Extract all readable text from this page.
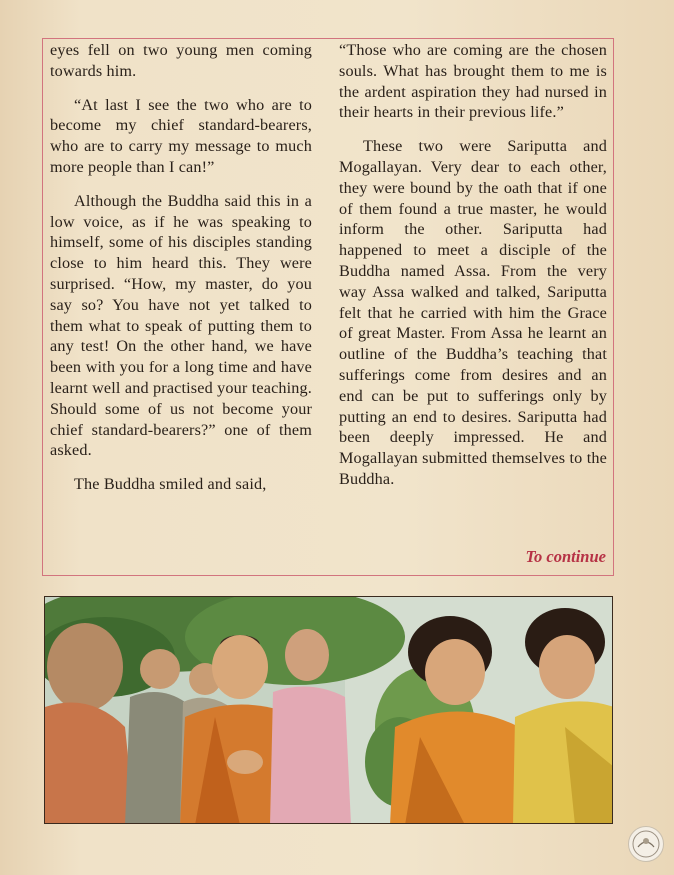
eyes fell on two young men coming towards him.

“At last I see the two who are to become my chief standard-bearers, who are to carry my message to much more people than I can!”

Although the Buddha said this in a low voice, as if he was speaking to himself, some of his disciples standing close to him heard this. They were surprised. “How, my master, do you say so? You have not yet talked to them what to speak of putting them to any test! On the other hand, we have been with you for a long time and have learnt well and practised your teaching. Should some of us not become your chief standard-bearers?” one of them asked.

The Buddha smiled and said,

“Those who are coming are the chosen souls. What has brought them to me is the ardent aspiration they had nursed in their hearts in their previous life.”

These two were Sariputta and Mogallayan. Very dear to each other, they were bound by the oath that if one of them found a true master, he would inform the other. Sariputta had happened to meet a disciple of the Buddha named Assa. From the very way Assa walked and talked, Sariputta felt that he carried with him the Grace of great Master. From Assa he learnt an outline of the Buddha’s teaching that sufferings come from desires and an end can be put to sufferings only by putting an end to desires. Sariputta had been deeply impressed. He and Mogallayan submitted themselves to the Buddha.

To continue
